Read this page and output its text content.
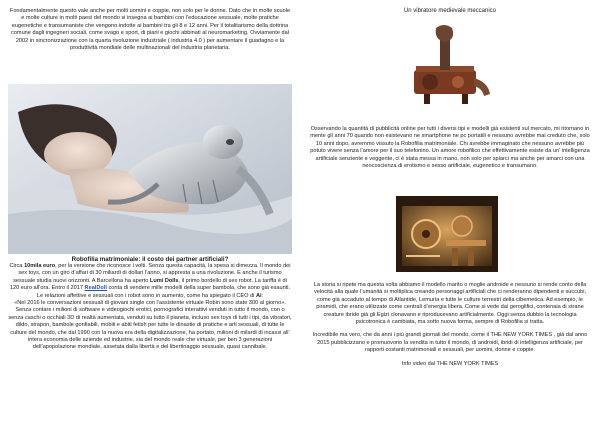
Fondamentalmente questo vale anche per molti uomini e coppie, non solo per le donne. Dato che in molte scuole e molte culture in molti paesi del mondo si insegna ai bambini con l’educazione sessuale, molte pratiche eugenetiche e transumaniste che vengono indotte ai bambini tra gli 8 e 12 anni. Per il totalitarismo della dottrina comune dagli ingegneri sociali, come svago e sport, di piani e giochi abbinati al neuromarketing. Ovviamente dal 2002 in sincronizzazione con la quarta rivoluzione industriale ( industria 4.0 ) per aumentare il guadagno e la produttività mondiale delle multinazionali del industria planetaria.

Robofilia matrimoniale: il costo dei partner artificiali?

Circa 10mila euro, per la versione che riconosce i volti. Senza questa capacità, la spesa si dimezza. Il mondo dei sex toys, con un giro d’affari di 30 miliardi di dollari l’anno, si appresta a una rivoluzione. E anche il turismo sessuale studia nuovi orizzonti. A Barcellona ha aperto Lumi Dolls, il primo bordello di sex robot. La tariffa è di 120 euro all’ora. Entro il 2017 RealDoll conta di vendere mille modelli della super bambola, che sono già esauriti. Le relazioni affettive e sessuali con i robot sono in aumento, come ha spiegato il CEO di Ai:

«Nel 2016 le conversazioni sessuali di giovani single con l’assistente virtuale Robin sono state 300 al giorno». Senza contare i milioni di software e videogiochi erotici, pornografici interattivi venduti in tutto il mondo, con o senza caschi o occhiali 3D di realtà aumentata, venduti su tutto il pianeta, incluso sex toys di tutti i tipi, da vibratori, dildo, strapon, bambole gonfiabili, mobili e abiti fetish per tutte le dinastie di pratiche e arti sessuali, di tutte le culture del mondo, che dal 1990 con la nuova era della digitalizzazione, ha portato, milioni di milardi di incassi all’ intera economia delle aziende ed industrie, sia del mondo reale che virtuale, per ben 3 generazioni dell’apopolazione mondiale, assetata dalla libertà e del libertinaggio sessuale, quasi cannibale.

Un vibratore medievale meccanico

Osservando la quantità di pubblicità online per tutti i diversi tipi e modelli già esistenti sul mercato, mi ritornano in mente gli anni 70 quando non esistevano ne smartphone ne pc portatili e nessuno avrebbe mai creduto che, solo 10 anni dopo, avremmo vissuto la Robofilia matrimoniale. Chi avrebbe immaginato che nessuno avrebbe più potuto vivere senza l’amore per il suo telefonino. Un amore robofilico che effettivamente esiste da un’ intelligenza artificiale senziente e veggente, ci è stata messa in mano, non solo per spiarci ma anche per amarci con una neocoscienza di erotismo e sesso artificiale, eugenetico e transumano.

La storia si ripete ma questa volta abbiamo il modello marito o moglie androide e nessuno si rende conto della velocità alla quale l’umanità si moltiplica creando personaggi artificiali che ci renderanno dipendenti e succubi, come già accaduto al tempo di Atlantide, Lemuria e tutte le culture terrestri della cibernetica. Ad esempio, le piramidi, che erano utilizzate come centrali d’energia libera. Come si vede dai geroglifici, contenaia di strane creature ibride già gli Egizi clonavano e riproducevano artificialmente. Oggi senza dubbio la tecnologia psicotronica è cambiata, ma sotto nuova forma, sempre di Robofilia si tratta.

Incredibile ma vero, che da anni i più grandi giornali del mondo, come il THE NEW YORK TIMES , già dal anno 2015 pubblicizzano e promuovono la vendita in tutto il mondo, di androidi, ibridi di intelligenza artificiale, per rapporti costanti matrimoniali e sessuali, per uomini, donne e coppie.

Info video dal THE NEW YORK TIMES
